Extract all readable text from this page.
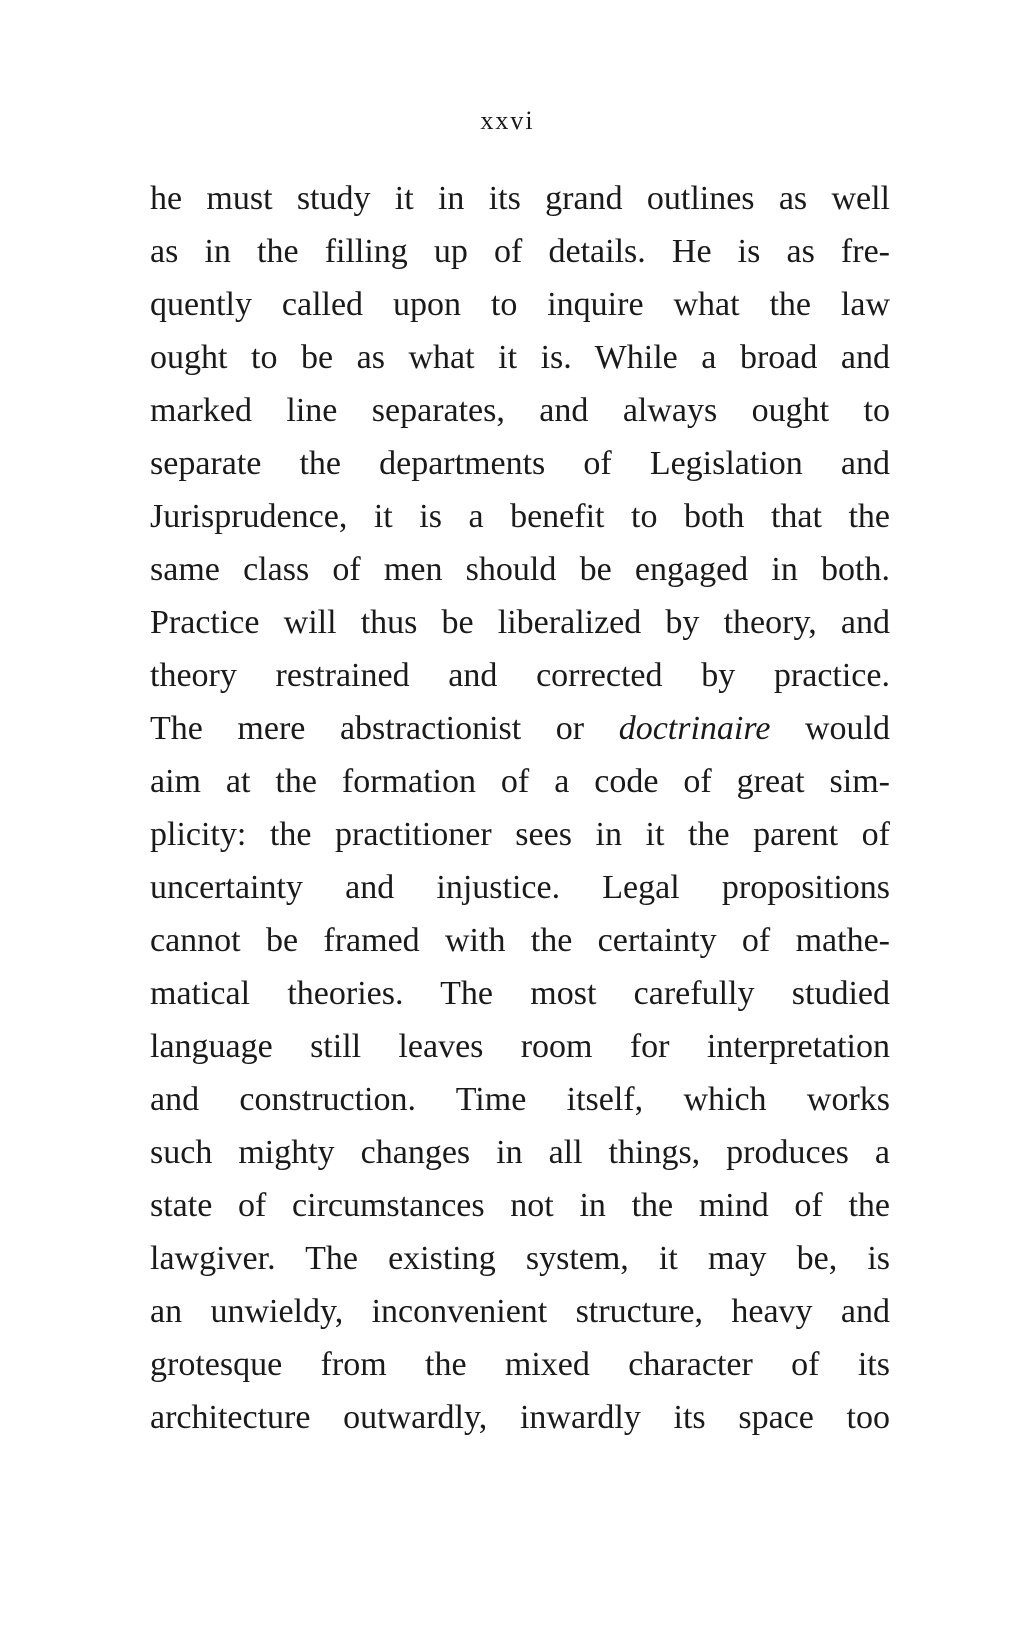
xxvi
he must study it in its grand outlines as well
as in the filling up of details. He is as fre-
quently called upon to inquire what the law
ought to be as what it is. While a broad and
marked line separates, and always ought to
separate the departments of Legislation and
Jurisprudence, it is a benefit to both that the
same class of men should be engaged in both.
Practice will thus be liberalized by theory, and
theory restrained and corrected by practice.
The mere abstractionist or doctrinaire would
aim at the formation of a code of great sim-
plicity: the practitioner sees in it the parent of
uncertainty and injustice. Legal propositions
cannot be framed with the certainty of mathe-
matical theories. The most carefully studied
language still leaves room for interpretation
and construction. Time itself, which works
such mighty changes in all things, produces a
state of circumstances not in the mind of the
lawgiver. The existing system, it may be, is
an unwieldy, inconvenient structure, heavy and
grotesque from the mixed character of its
architecture outwardly, inwardly its space too
